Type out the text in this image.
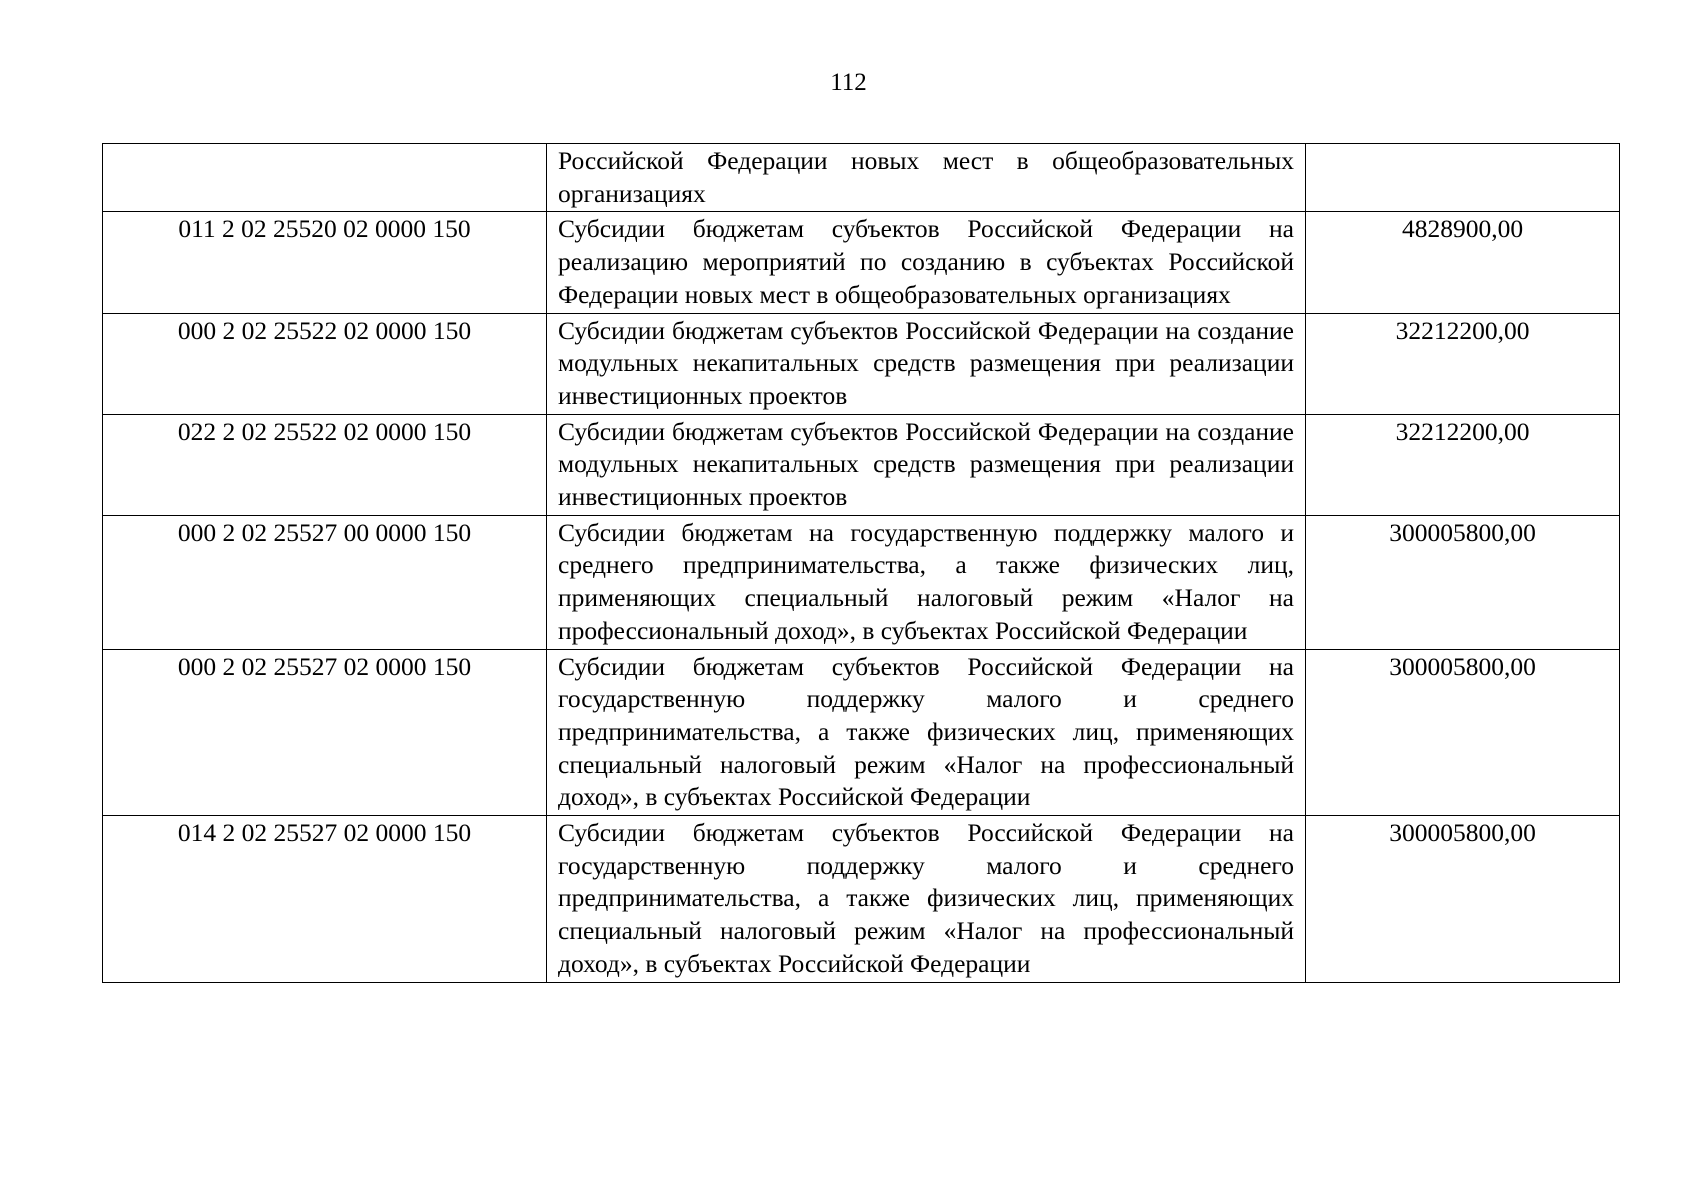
112
	Российской Федерации новых мест в общеобразовательных организациях	
011 2 02 25520 02 0000 150	Субсидии бюджетам субъектов Российской Федерации на реализацию мероприятий по созданию в субъектах Российской Федерации новых мест в общеобразовательных организациях	4828900,00
000 2 02 25522 02 0000 150	Субсидии бюджетам субъектов Российской Федерации на создание модульных некапитальных средств размещения при реализации инвестиционных проектов	32212200,00
022 2 02 25522 02 0000 150	Субсидии бюджетам субъектов Российской Федерации на создание модульных некапитальных средств размещения при реализации инвестиционных проектов	32212200,00
000 2 02 25527 00 0000 150	Субсидии бюджетам на государственную поддержку малого и среднего предпринимательства, а также физических лиц, применяющих специальный налоговый режим «Налог на профессиональный доход», в субъектах Российской Федерации	300005800,00
000 2 02 25527 02 0000 150	Субсидии бюджетам субъектов Российской Федерации на государственную поддержку малого и среднего предпринимательства, а также физических лиц, применяющих специальный налоговый режим «Налог на профессиональный доход», в субъектах Российской Федерации	300005800,00
014 2 02 25527 02 0000 150	Субсидии бюджетам субъектов Российской Федерации на государственную поддержку малого и среднего предпринимательства, а также физических лиц, применяющих специальный налоговый режим «Налог на профессиональный доход», в субъектах Российской Федерации	300005800,00
